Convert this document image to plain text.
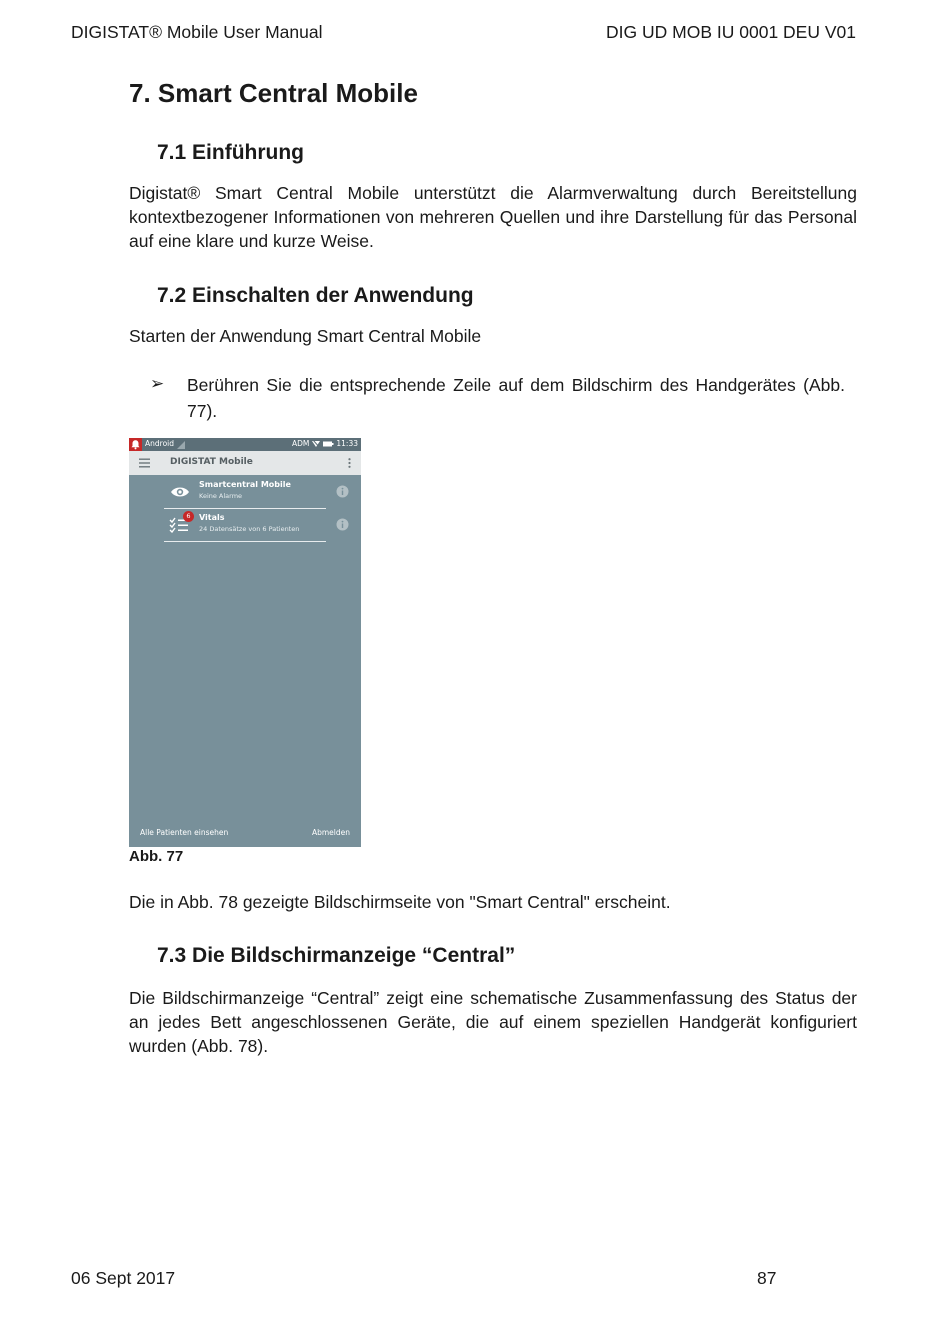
DIGISTAT® Mobile User Manual	DIG UD MOB IU 0001 DEU V01
7. Smart Central Mobile
7.1 Einführung

Digistat® Smart Central Mobile unterstützt die Alarmverwaltung durch Bereitstellung kontextbezogener Informationen von mehreren Quellen und ihre Darstellung für das Personal auf eine klare und kurze Weise.

7.2 Einschalten der Anwendung

Starten der Anwendung Smart Central Mobile

➢ Berühren Sie die entsprechende Zeile auf dem Bildschirm des Handgerätes (Abb. 77).

Android	ADM	11:33
DIGISTAT Mobile
Smartcentral Mobile
Keine Alarme
Vitals
24 Datensätze von 6 Patienten
6
Alle Patienten einsehen	Abmelden
Abb. 77

Die in Abb. 78 gezeigte Bildschirmseite von "Smart Central" erscheint.

7.3 Die Bildschirmanzeige “Central”

Die Bildschirmanzeige “Central” zeigt eine schematische Zusammenfassung des Status der an jedes Bett angeschlossenen Geräte, die auf einem speziellen Handgerät konfiguriert wurden (Abb. 78).

06 Sept 2017	87
